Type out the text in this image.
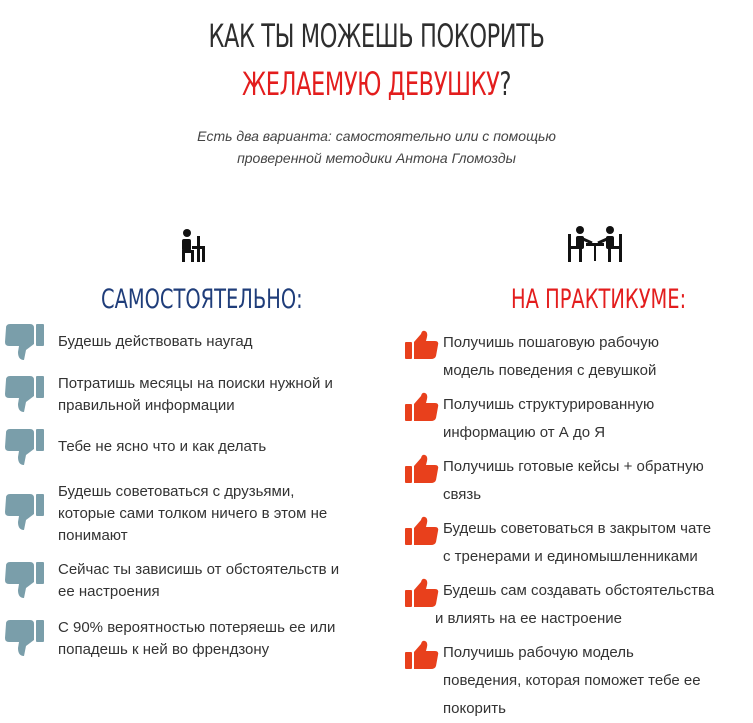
КАК ТЫ МОЖЕШЬ ПОКОРИТЬ
ЖЕЛАЕМУЮ ДЕВУШКУ?
Есть два варианта: самостоятельно или с помощью
проверенной методики Антона Гломозды
САМОСТОЯТЕЛЬНО:	НА ПРАКТИКУМЕ:
Будешь действовать наугад
Потратишь месяцы на поиски нужной и
правильной информации
Тебе не ясно что и как делать
Будешь советоваться с друзьями,
которые сами толком ничего в этом не
понимают
Сейчас ты зависишь от обстоятельств и
ее настроения
С 90% вероятностью потеряешь ее или
попадешь к ней во френдзону
Получишь пошаговую рабочую
модель поведения с девушкой
Получишь структурированную
информацию от А до Я
Получишь готовые кейсы + обратную
связь
Будешь советоваться в закрытом чате
с тренерами и единомышленниками
Будешь сам создавать обстоятельства
и влиять на ее настроение
Получишь рабочую модель
поведения, которая поможет тебе ее
покорить
